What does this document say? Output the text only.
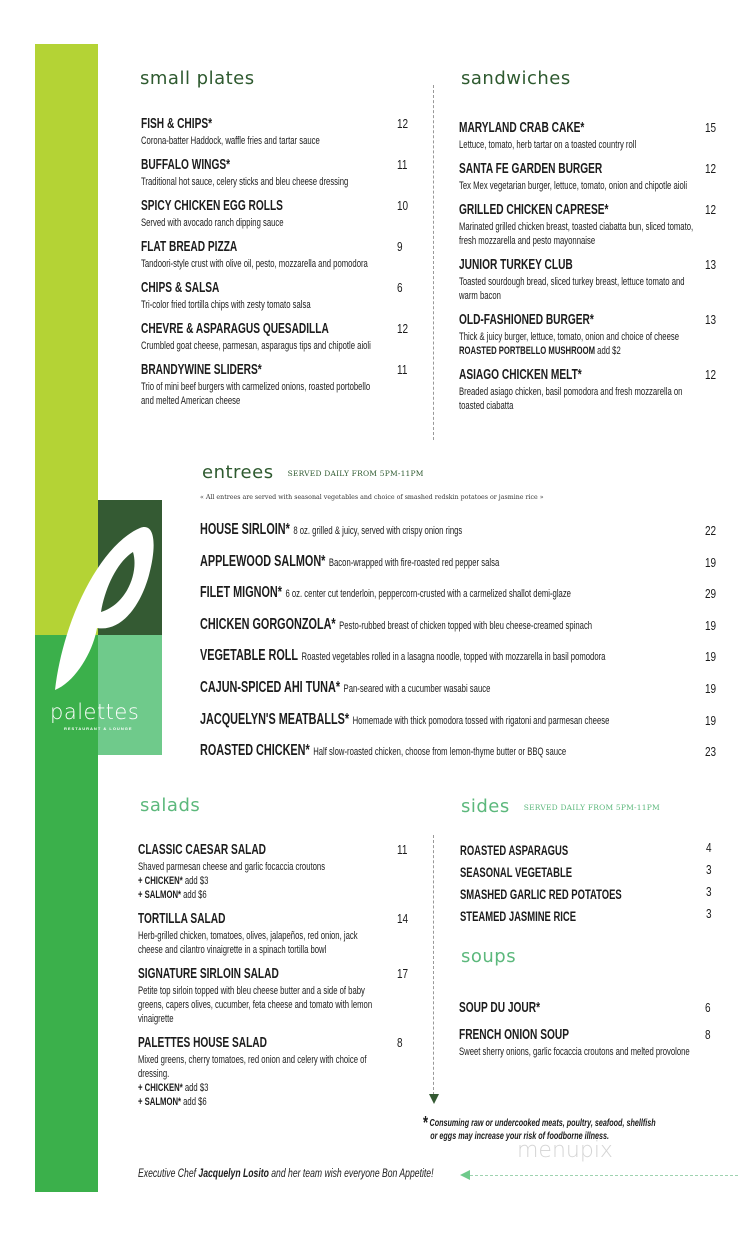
palettes
RESTAURANT & LOUNGE
small plates
FISH & CHIPS*
Corona-batter Haddock, waffle fries and tartar sauce
12
BUFFALO WINGS*
Traditional hot sauce, celery sticks and bleu cheese dressing
11
SPICY CHICKEN EGG ROLLS
Served with avocado ranch dipping sauce
10
FLAT BREAD PIZZA
Tandoori-style crust with olive oil, pesto, mozzarella and pomodora
9
CHIPS & SALSA
Tri-color fried tortilla chips with zesty tomato salsa
6
CHEVRE & ASPARAGUS QUESADILLA
Crumbled goat cheese, parmesan, asparagus tips and chipotle aioli
12
BRANDYWINE SLIDERS*
Trio of mini beef burgers with carmelized onions, roasted portobello and melted American cheese
11
sandwiches
MARYLAND CRAB CAKE*
Lettuce, tomato, herb tartar on a toasted country roll
15
SANTA FE GARDEN BURGER
Tex Mex vegetarian burger, lettuce, tomato, onion and chipotle aioli
12
GRILLED CHICKEN CAPRESE*
Marinated grilled chicken breast, toasted ciabatta bun, sliced tomato, fresh mozzarella and pesto mayonnaise
12
JUNIOR TURKEY CLUB
Toasted sourdough bread, sliced turkey breast, lettuce tomato and warm bacon
13
OLD-FASHIONED BURGER*
Thick & juicy burger, lettuce, tomato, onion and choice of cheese
ROASTED PORTBELLO MUSHROOM add $2
13
ASIAGO CHICKEN MELT*
Breaded asiago chicken, basil pomodora and fresh mozzarella on toasted ciabatta
12
entrees SERVED DAILY FROM 5PM-11PM
« All entrees are served with seasonal vegetables and choice of smashed redskin potatoes or jasmine rice »
HOUSE SIRLOIN* 8 oz. grilled & juicy, served with crispy onion rings	22
APPLEWOOD SALMON* Bacon-wrapped with fire-roasted red pepper salsa	19
FILET MIGNON* 6 oz. center cut tenderloin, peppercorn-crusted with a carmelized shallot demi-glaze	29
CHICKEN GORGONZOLA* Pesto-rubbed breast of chicken topped with bleu cheese-creamed spinach	19
VEGETABLE ROLL Roasted vegetables rolled in a lasagna noodle, topped with mozzarella in basil pomodora	19
CAJUN-SPICED AHI TUNA* Pan-seared with a cucumber wasabi sauce	19
JACQUELYN'S MEATBALLS* Homemade with thick pomodora tossed with rigatoni and parmesan cheese	19
ROASTED CHICKEN* Half slow-roasted chicken, choose from lemon-thyme butter or BBQ sauce	23
salads
CLASSIC CAESAR SALAD
Shaved parmesan cheese and garlic focaccia croutons
+ CHICKEN* add $3
+ SALMON* add $6
11
TORTILLA SALAD
Herb-grilled chicken, tomatoes, olives, jalapeños, red onion, jack cheese and cilantro vinaigrette in a spinach tortilla bowl
14
SIGNATURE SIRLOIN SALAD
Petite top sirloin topped with bleu cheese butter and a side of baby greens, capers olives, cucumber, feta cheese and tomato with lemon vinaigrette
17
PALETTES HOUSE SALAD
Mixed greens, cherry tomatoes, red onion and celery with choice of dressing.
+ CHICKEN* add $3
+ SALMON* add $6
8
sides SERVED DAILY FROM 5PM-11PM
ROASTED ASPARAGUS	4
SEASONAL VEGETABLE	3
SMASHED GARLIC RED POTATOES	3
STEAMED JASMINE RICE	3
soups
SOUP DU JOUR*	6
FRENCH ONION SOUP
Sweet sherry onions, garlic focaccia croutons and melted provolone
8
*Consuming raw or undercooked meats, poultry, seafood, shellfish
or eggs may increase your risk of foodborne illness.
menupix
Executive Chef Jacquelyn Losito and her team wish everyone Bon Appetite!
